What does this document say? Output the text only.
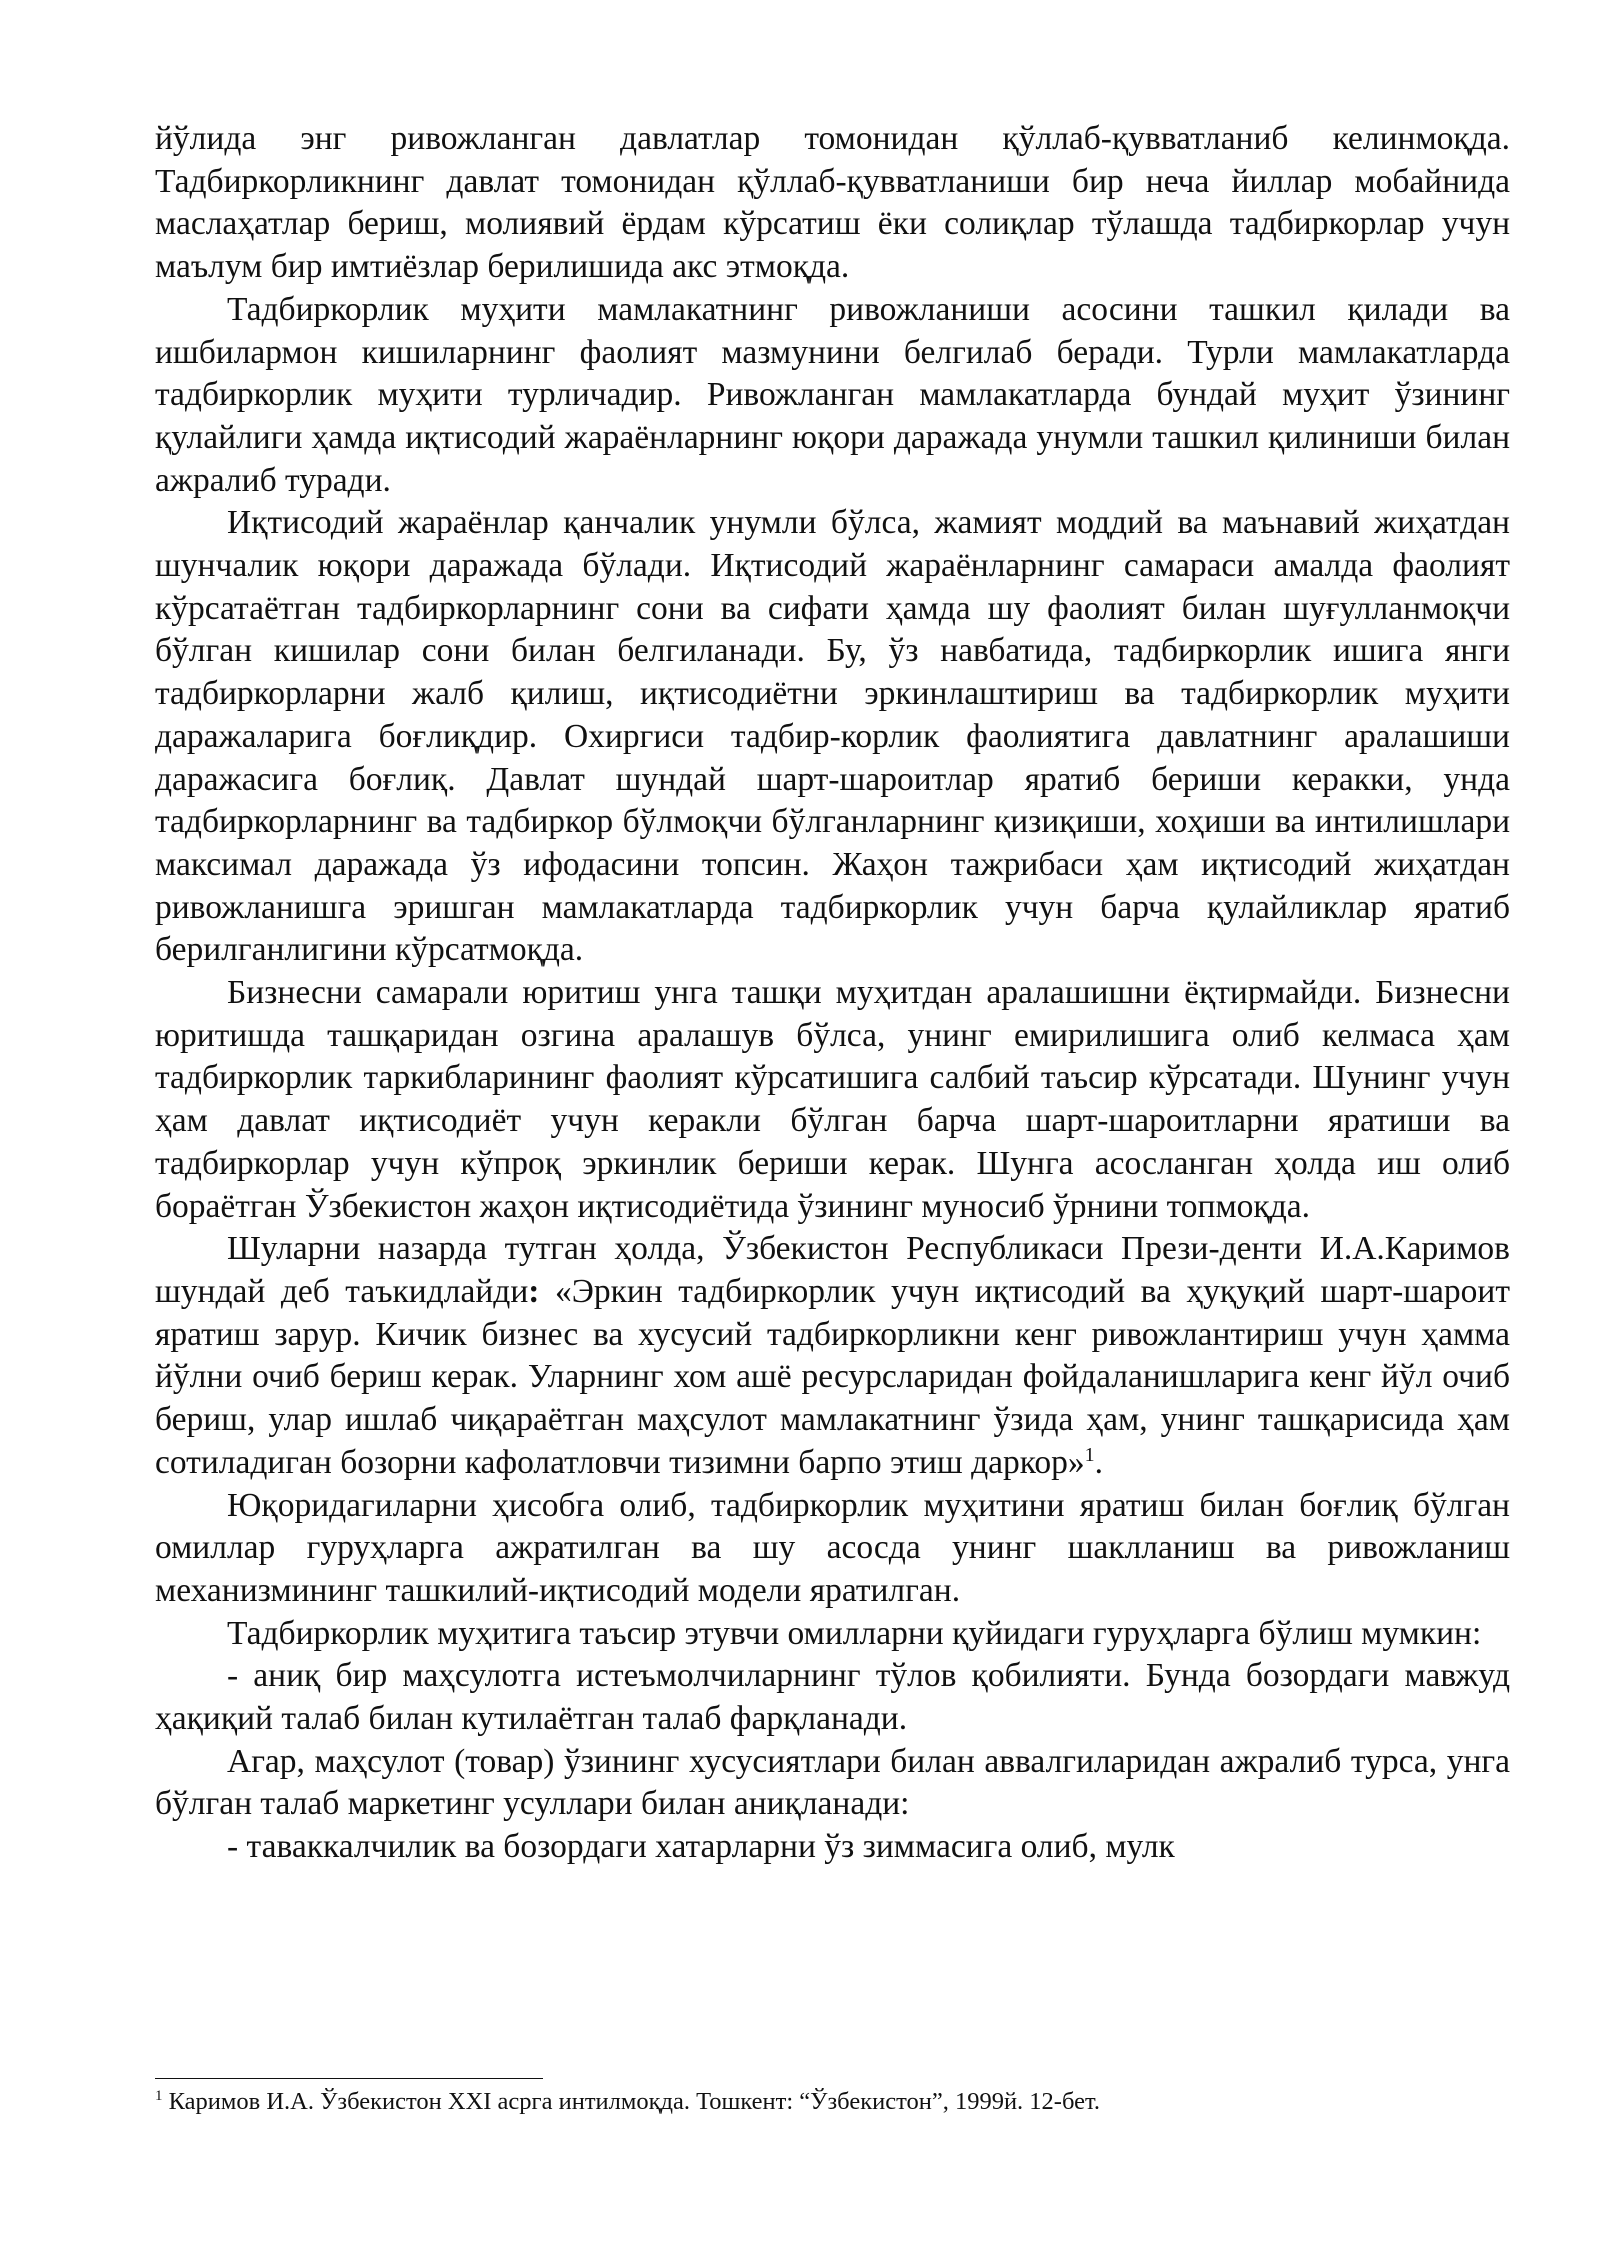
йўлида энг ривожланган давлатлар томонидан қўллаб-қувватланиб келинмоқда. Тадбиркорликнинг давлат томонидан қўллаб-қувватланиши бир неча йиллар мобайнида маслаҳатлар бериш, молиявий ёрдам кўрсатиш ёки солиқлар тўлашда тадбиркорлар учун маълум бир имтиёзлар берилишида акс этмоқда.

Тадбиркорлик муҳити мамлакатнинг ривожланиши асосини ташкил қилади ва ишбилармон кишиларнинг фаолият мазмунини белгилаб беради. Турли мамлакатларда тадбиркорлик муҳити турличадир. Ривожланган мамлакатларда бундай муҳит ўзининг қулайлиги ҳамда иқтисодий жараёнларнинг юқори даражада унумли ташкил қилиниши билан ажралиб туради.

Иқтисодий жараёнлар қанчалик унумли бўлса, жамият моддий ва маънавий жиҳатдан шунчалик юқори даражада бўлади. Иқтисодий жараёнларнинг самараси амалда фаолият кўрсатаётган тадбиркорларнинг сони ва сифати ҳамда шу фаолият билан шуғулланмоқчи бўлган кишилар сони билан белгиланади. Бу, ўз навбатида, тадбиркорлик ишига янги тадбиркорларни жалб қилиш, иқтисодиётни эркинлаштириш ва тадбиркорлик муҳити даражаларига боғлиқдир. Охиргиси тадбир-корлик фаолиятига давлатнинг аралашиши даражасига боғлиқ. Давлат шундай шарт-шароитлар яратиб бериши керакки, унда тадбиркорларнинг ва тадбиркор бўлмоқчи бўлганларнинг қизиқиши, хоҳиши ва интилишлари максимал даражада ўз ифодасини топсин. Жаҳон тажрибаси ҳам иқтисодий жиҳатдан ривожланишга эришган мамлакатларда тадбиркорлик учун барча қулайликлар яратиб берилганлигини кўрсатмоқда.

Бизнесни самарали юритиш унга ташқи муҳитдан аралашишни ёқтирмайди. Бизнесни юритишда ташқаридан озгина аралашув бўлса, унинг емирилишига олиб келмаса ҳам тадбиркорлик таркибларининг фаолият кўрсатишига салбий таъсир кўрсатади. Шунинг учун ҳам давлат иқтисодиёт учун керакли бўлган барча шарт-шароитларни яратиши ва тадбиркорлар учун кўпроқ эркинлик бериши керак. Шунга асосланган ҳолда иш олиб бораётган Ўзбекистон жаҳон иқтисодиётида ўзининг муносиб ўрнини топмоқда.

Шуларни назарда тутган ҳолда, Ўзбекистон Республикаси Прези-денти И.А.Каримов шундай деб таъкидлайди: «Эркин тадбиркорлик учун иқтисодий ва ҳуқуқий шарт-шароит яратиш зарур. Кичик бизнес ва хусусий тадбиркорликни кенг ривожлантириш учун ҳамма йўлни очиб бериш керак. Уларнинг хом ашё ресурсларидан фойдаланишларига кенг йўл очиб бериш, улар ишлаб чиқараётган маҳсулот мамлакатнинг ўзида ҳам, унинг ташқарисида ҳам сотиладиган бозорни кафолатловчи тизимни барпо этиш даркор»$^1$.

Юқоридагиларни ҳисобга олиб, тадбиркорлик муҳитини яратиш билан боғлиқ бўлган омиллар гуруҳларга ажратилган ва шу асосда унинг шаклланиш ва ривожланиш механизмининг ташкилий-иқтисодий модели яратилган.

Тадбиркорлик муҳитига таъсир этувчи омилларни қуйидаги гуруҳларга бўлиш мумкин:

- аниқ бир маҳсулотга истеъмолчиларнинг тўлов қобилияти. Бунда бозордаги мавжуд ҳақиқий талаб билан кутилаётган талаб фарқланади.

Агар, маҳсулот (товар) ўзининг хусусиятлари билан аввалгиларидан ажралиб турса, унга бўлган талаб маркетинг усуллари билан аниқланади:

- таваккалчилик ва бозордаги хатарларни ўз зиммасига олиб, мулк

$^1$ Каримов И.А. Ўзбекистон XXI асрга интилмоқда. Тошкент: “Ўзбекистон”, 1999й. 12-бет.
